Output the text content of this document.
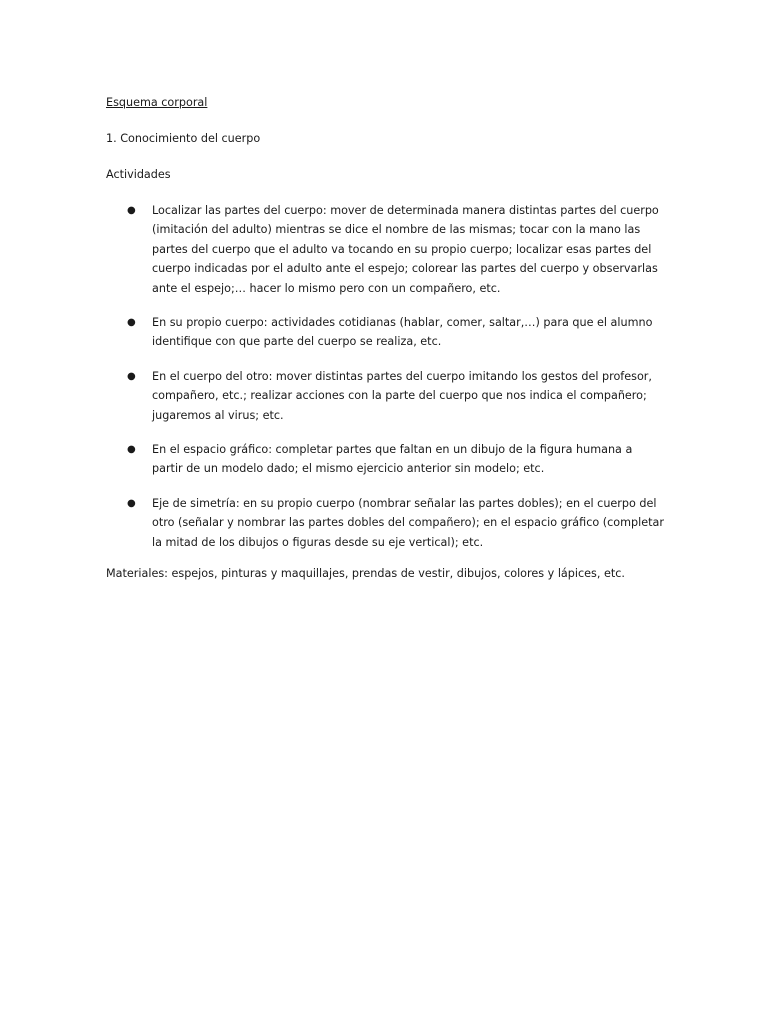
Esquema corporal

1. Conocimiento del cuerpo

Actividades

● Localizar las partes del cuerpo: mover de determinada manera distintas partes del cuerpo (imitación del adulto) mientras se dice el nombre de las mismas; tocar con la mano las partes del cuerpo que el adulto va tocando en su propio cuerpo; localizar esas partes del cuerpo indicadas por el adulto ante el espejo; colorear las partes del cuerpo y observarlas ante el espejo;… hacer lo mismo pero con un compañero, etc.
● En su propio cuerpo: actividades cotidianas (hablar, comer, saltar,…) para que el alumno identifique con que parte del cuerpo se realiza, etc.
● En el cuerpo del otro: mover distintas partes del cuerpo imitando los gestos del profesor, compañero, etc.; realizar acciones con la parte del cuerpo que nos indica el compañero; jugaremos al virus; etc.
● En el espacio gráfico: completar partes que faltan en un dibujo de la figura humana a partir de un modelo dado; el mismo ejercicio anterior sin modelo; etc.
● Eje de simetría: en su propio cuerpo (nombrar señalar las partes dobles); en el cuerpo del otro (señalar y nombrar las partes dobles del compañero); en el espacio gráfico (completar la mitad de los dibujos o figuras desde su eje vertical); etc.

Materiales: espejos, pinturas y maquillajes, prendas de vestir, dibujos, colores y lápices, etc.
